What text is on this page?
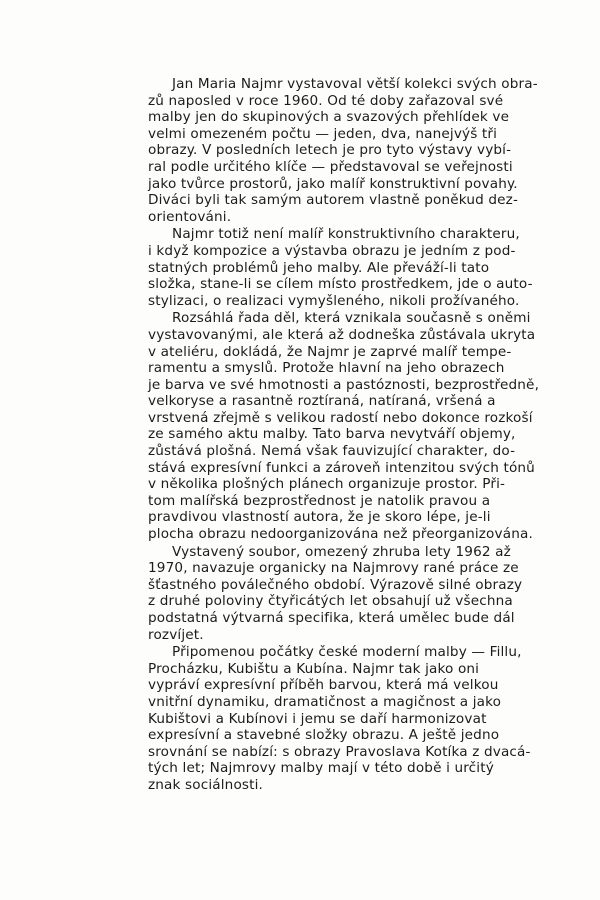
Jan Maria Najmr vystavoval větší kolekci svých obra-
zů naposled v roce 1960. Od té doby zařazoval své
malby jen do skupinových a svazových přehlídek ve
velmi omezeném počtu — jeden, dva, nanejvýš tři
obrazy. V posledních letech je pro tyto výstavy vybí-
ral podle určitého klíče — představoval se veřejnosti
jako tvůrce prostorů, jako malíř konstruktivní povahy.
Diváci byli tak samým autorem vlastně poněkud dez-
orientováni.
Najmr totiž není malíř konstruktivního charakteru,
i když kompozice a výstavba obrazu je jedním z pod-
statných problémů jeho malby. Ale převáží-li tato
složka, stane-li se cílem místo prostředkem, jde o auto-
stylizaci, o realizaci vymyšleného, nikoli prožívaného.
Rozsáhlá řada děl, která vznikala současně s oněmi
vystavovanými, ale která až dodneška zůstávala ukryta
v ateliéru, dokládá, že Najmr je zaprvé malíř tempe-
ramentu a smyslů. Protože hlavní na jeho obrazech
je barva ve své hmotnosti a pastóznosti, bezprostředně,
velkoryse a rasantně roztíraná, natíraná, vršená a
vrstvená zřejmě s velikou radostí nebo dokonce rozkoší
ze samého aktu malby. Tato barva nevytváří objemy,
zůstává plošná. Nemá však fauvizující charakter, do-
stává expresívní funkci a zároveň intenzitou svých tónů
v několika plošných plánech organizuje prostor. Při-
tom malířská bezprostřednost je natolik pravou a
pravdivou vlastností autora, že je skoro lépe, je-li
plocha obrazu nedoorganizována než přeorganizována.
Vystavený soubor, omezený zhruba lety 1962 až
1970, navazuje organicky na Najmrovy rané práce ze
šťastného poválečného období. Výrazově silné obrazy
z druhé poloviny čtyřicátých let obsahují už všechna
podstatná výtvarná specifika, která umělec bude dál
rozvíjet.
Připomenou počátky české moderní malby — Fillu,
Procházku, Kubištu a Kubína. Najmr tak jako oni
vypráví expresívní příběh barvou, která má velkou
vnitřní dynamiku, dramatičnost a magičnost a jako
Kubištovi a Kubínovi i jemu se daří harmonizovat
expresívní a stavebné složky obrazu. A ještě jedno
srovnání se nabízí: s obrazy Pravoslava Kotíka z dvacá-
tých let; Najmrovy malby mají v této době i určitý
znak sociálnosti.
